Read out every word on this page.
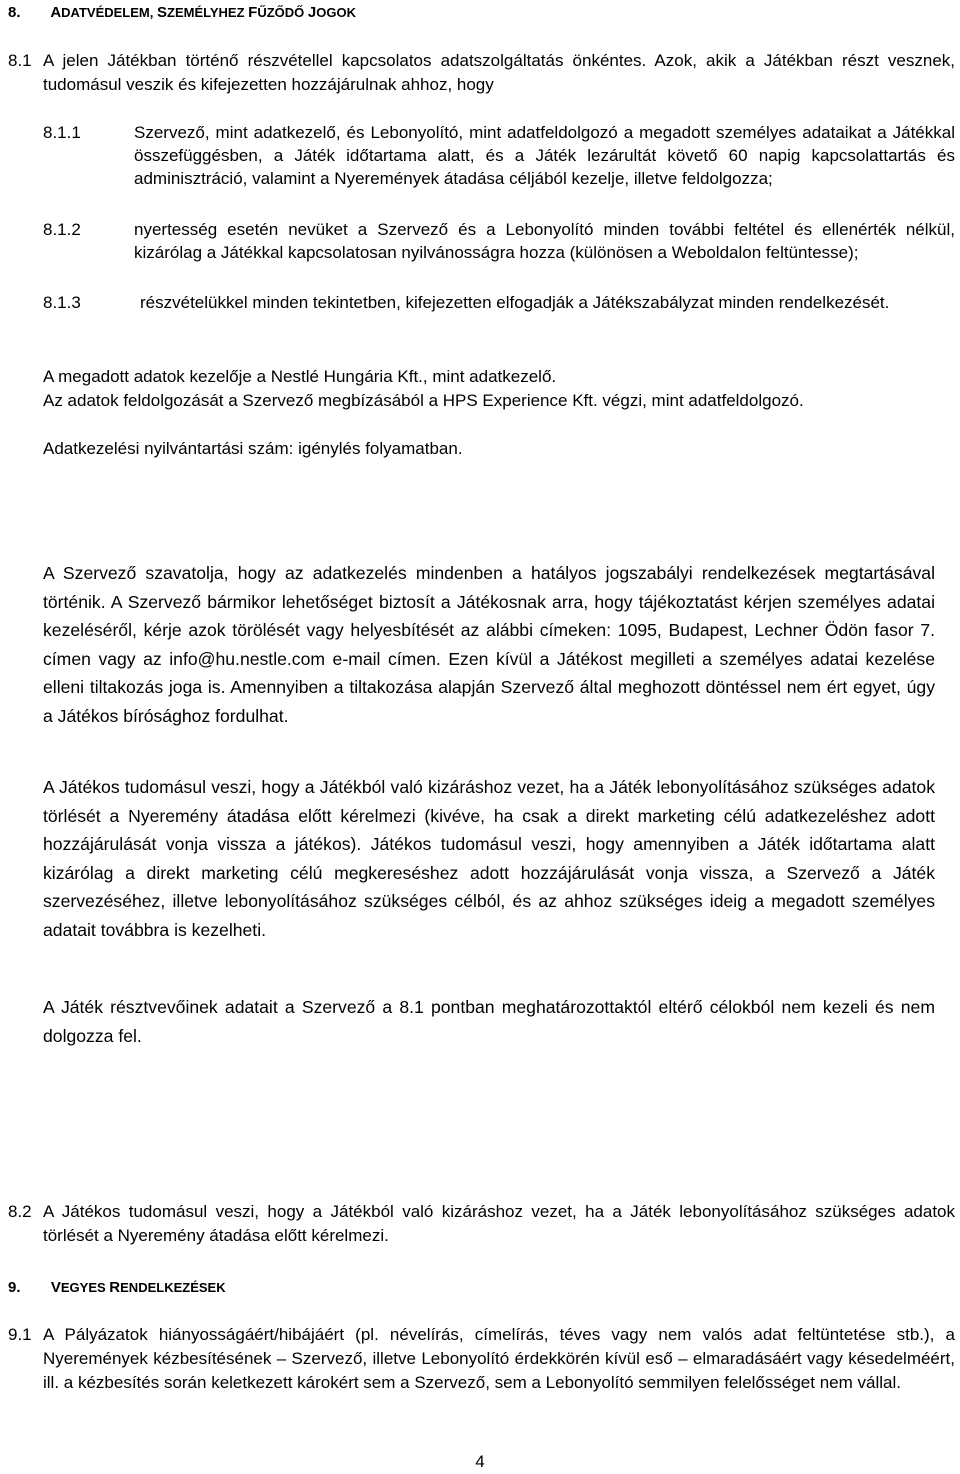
8. ADATVÉDELEM, SZEMÉLYHEZ FŰZŐDŐ JOGOK
8.1 A jelen Játékban történő részvétellel kapcsolatos adatszolgáltatás önkéntes. Azok, akik a Játékban részt vesznek, tudomásul veszik és kifejezetten hozzájárulnak ahhoz, hogy
8.1.1	Szervező, mint adatkezelő, és Lebonyolító, mint adatfeldolgozó a megadott személyes adataikat a Játékkal összefüggésben, a Játék időtartama alatt, és a Játék lezárultát követő 60 napig kapcsolattartás és adminisztráció, valamint a Nyeremények átadása céljából kezelje, illetve feldolgozza;
8.1.2	nyertesség esetén nevüket a Szervező és a Lebonyolító minden további feltétel és ellenérték nélkül, kizárólag a Játékkal kapcsolatosan nyilvánosságra hozza (különösen a Weboldalon feltüntesse);
8.1.3	részvételükkel minden tekintetben, kifejezetten elfogadják a Játékszabályzat minden rendelkezését.
A megadott adatok kezelője a Nestlé Hungária Kft., mint adatkezelő.
Az adatok feldolgozását a Szervező megbízásából a HPS Experience Kft. végzi, mint adatfeldolgozó.
Adatkezelési nyilvántartási szám: igénylés folyamatban.
A Szervező szavatolja, hogy az adatkezelés mindenben a hatályos jogszabályi rendelkezések megtartásával történik. A Szervező bármikor lehetőséget biztosít a Játékosnak arra, hogy tájékoztatást kérjen személyes adatai kezeléséről, kérje azok törölését vagy helyesbítését az alábbi címeken: 1095, Budapest, Lechner Ödön fasor 7. címen vagy az info@hu.nestle.com e-mail címen. Ezen kívül a Játékost megilleti a személyes adatai kezelése elleni tiltakozás joga is. Amennyiben a tiltakozása alapján Szervező által meghozott döntéssel nem ért egyet, úgy a Játékos bírósághoz fordulhat.
A Játékos tudomásul veszi, hogy a Játékból való kizáráshoz vezet, ha a Játék lebonyolításához szükséges adatok törlését a Nyeremény átadása előtt kérelmezi (kivéve, ha csak a direkt marketing célú adatkezeléshez adott hozzájárulását vonja vissza a játékos). Játékos tudomásul veszi, hogy amennyiben a Játék időtartama alatt kizárólag a direkt marketing célú megkereséshez adott hozzájárulását vonja vissza, a Szervező a Játék szervezéséhez, illetve lebonyolításához szükséges célból, és az ahhoz szükséges ideig a megadott személyes adatait továbbra is kezelheti.
A Játék résztvevőinek adatait a Szervező a 8.1 pontban meghatározottaktól eltérő célokból nem kezeli és nem dolgozza fel.
8.2 A Játékos tudomásul veszi, hogy a Játékból való kizáráshoz vezet, ha a Játék lebonyolításához szükséges adatok törlését a Nyeremény átadása előtt kérelmezi.
9. VEGYES RENDELKEZÉSEK
9.1 A Pályázatok hiányosságáért/hibájáért (pl. névelírás, címelírás, téves vagy nem valós adat feltüntetése stb.), a Nyeremények kézbesítésének – Szervező, illetve Lebonyolító érdekkörén kívül eső – elmaradásáért vagy késedelméért, ill. a kézbesítés során keletkezett károkért sem a Szervező, sem a Lebonyolító semmilyen felelősséget nem vállal.
4
